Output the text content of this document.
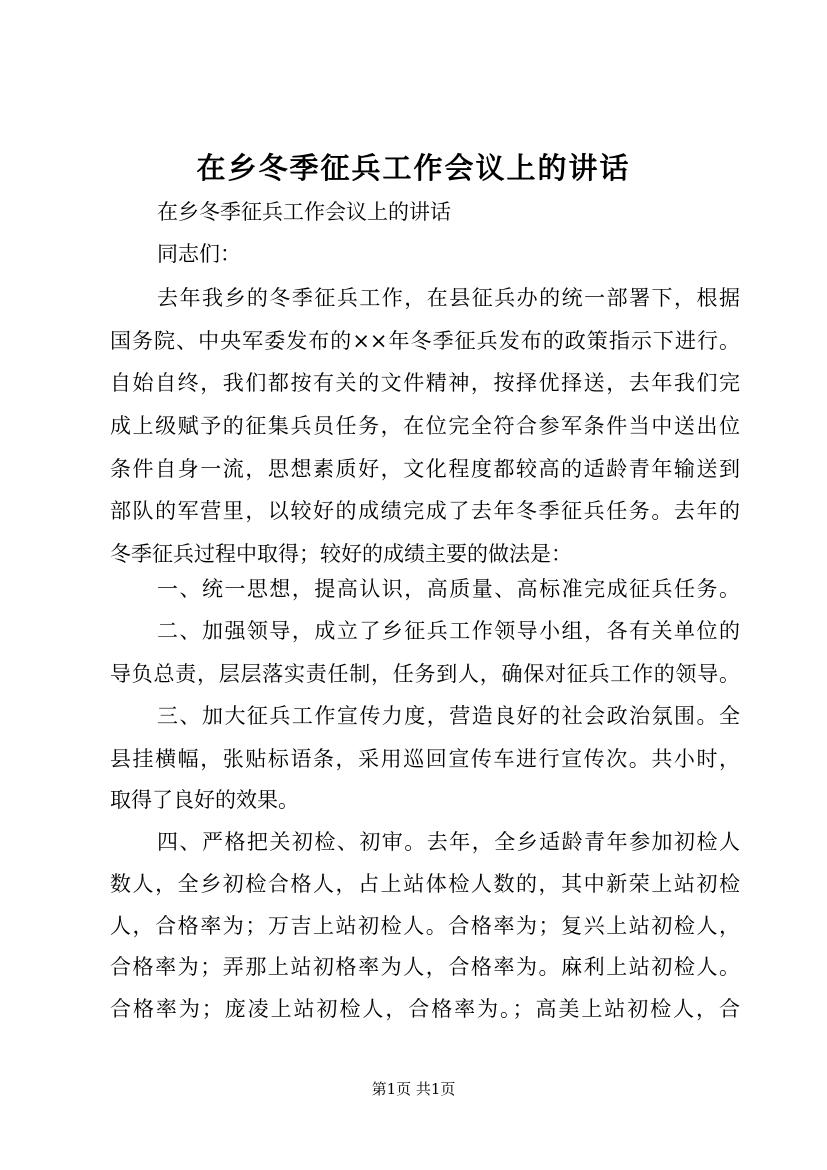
在乡冬季征兵工作会议上的讲话
在乡冬季征兵工作会议上的讲话
同志们：
去年我乡的冬季征兵工作，在县征兵办的统一部署下，根据
国务院、中央军委发布的××年冬季征兵发布的政策指示下进行。
自始自终，我们都按有关的文件精神，按择优择送，去年我们完
成上级赋予的征集兵员任务，在位完全符合参军条件当中送出位
条件自身一流，思想素质好，文化程度都较高的适龄青年输送到
部队的军营里，以较好的成绩完成了去年冬季征兵任务。去年的
冬季征兵过程中取得；较好的成绩主要的做法是：
一、统一思想，提高认识，高质量、高标准完成征兵任务。
二、加强领导，成立了乡征兵工作领导小组，各有关单位的
导负总责，层层落实责任制，任务到人，确保对征兵工作的领导。
三、加大征兵工作宣传力度，营造良好的社会政治氛围。全
县挂横幅，张贴标语条，采用巡回宣传车进行宣传次。共小时，
取得了良好的效果。
四、严格把关初检、初审。去年，全乡适龄青年参加初检人
数人，全乡初检合格人，占上站体检人数的，其中新荣上站初检
人，合格率为；万吉上站初检人。合格率为；复兴上站初检人，
合格率为；弄那上站初格率为人，合格率为。麻利上站初检人。
合格率为；庞凌上站初检人，合格率为。；高美上站初检人，合
第1页 共1页
